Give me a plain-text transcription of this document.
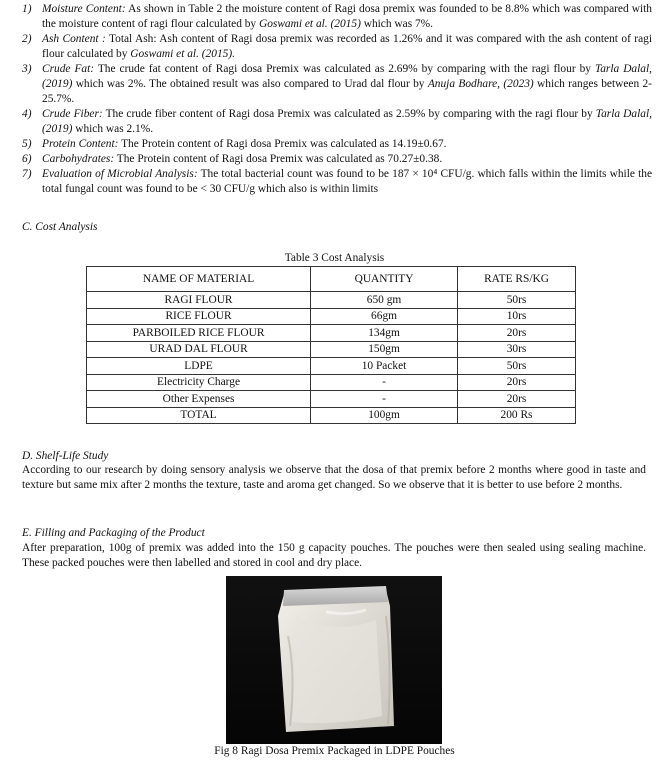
1) Moisture Content: As shown in Table 2 the moisture content of Ragi dosa premix was founded to be 8.8% which was compared with the moisture content of ragi flour calculated by Goswami et al. (2015) which was 7%.
2) Ash Content : Total Ash: Ash content of Ragi dosa premix was recorded as 1.26% and it was compared with the ash content of ragi flour calculated by Goswami et al. (2015).
3) Crude Fat: The crude fat content of Ragi dosa Premix was calculated as 2.69% by comparing with the ragi flour by Tarla Dalal, (2019) which was 2%. The obtained result was also compared to Urad dal flour by Anuja Bodhare, (2023) which ranges between 2-25.7%.
4) Crude Fiber: The crude fiber content of Ragi dosa Premix was calculated as 2.59% by comparing with the ragi flour by Tarla Dalal, (2019) which was 2.1%.
5) Protein Content: The Protein content of Ragi dosa Premix was calculated as 14.19±0.67.
6) Carbohydrates: The Protein content of Ragi dosa Premix was calculated as 70.27±0.38.
7) Evaluation of Microbial Analysis: The total bacterial count was found to be 187 × 10⁴ CFU/g. which falls within the limits while the total fungal count was found to be < 30 CFU/g which also is within limits
C. Cost Analysis
Table 3 Cost Analysis
NAME OF MATERIAL	QUANTITY	RATE RS/KG
RAGI FLOUR	650 gm	50rs
RICE FLOUR	66gm	10rs
PARBOILED RICE FLOUR	134gm	20rs
URAD DAL FLOUR	150gm	30rs
LDPE	10 Packet	50rs
Electricity Charge	-	20rs
Other Expenses	-	20rs
TOTAL	100gm	200 Rs
D. Shelf-Life Study
According to our research by doing sensory analysis we observe that the dosa of that premix before 2 months where good in taste and texture but same mix after 2 months the texture, taste and aroma get changed. So we observe that it is better to use before 2 months.
E. Filling and Packaging of the Product
After preparation, 100g of premix was added into the 150 g capacity pouches. The pouches were then sealed using sealing machine. These packed pouches were then labelled and stored in cool and dry place.
Fig 8 Ragi Dosa Premix Packaged in LDPE Pouches
